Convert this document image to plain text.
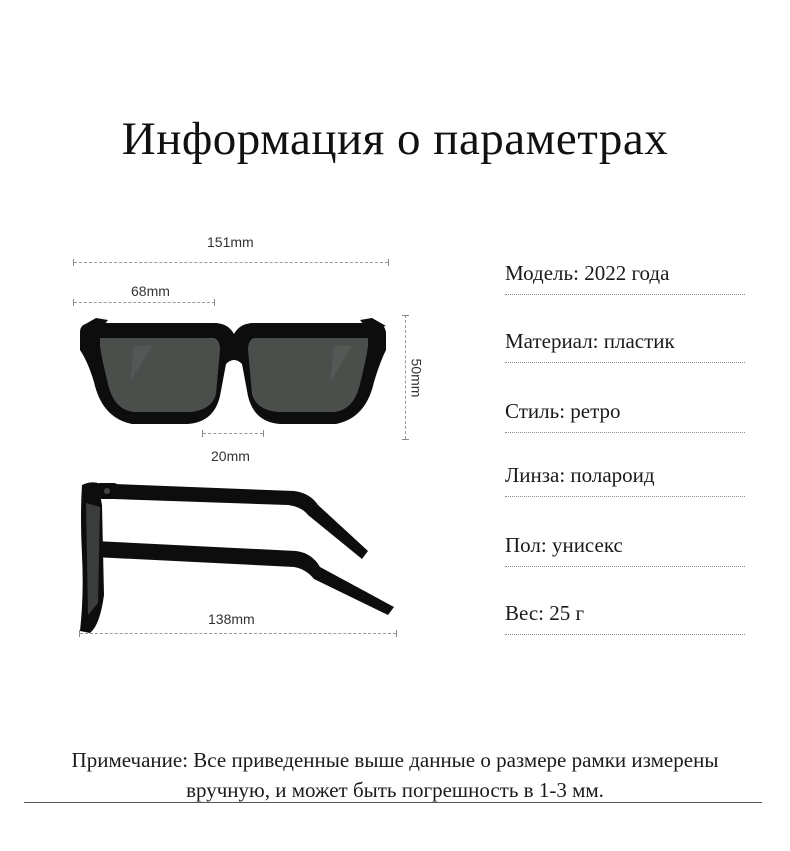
Информация о параметрах
151mm
68mm
50mm
20mm
138mm
Модель: 2022 года
Материал: пластик
Стиль: ретро
Линза: полароид
Пол: унисекс
Вес: 25 г
Примечание: Все приведенные выше данные о размере рамки измерены
вручную, и может быть погрешность в 1-3 мм.
